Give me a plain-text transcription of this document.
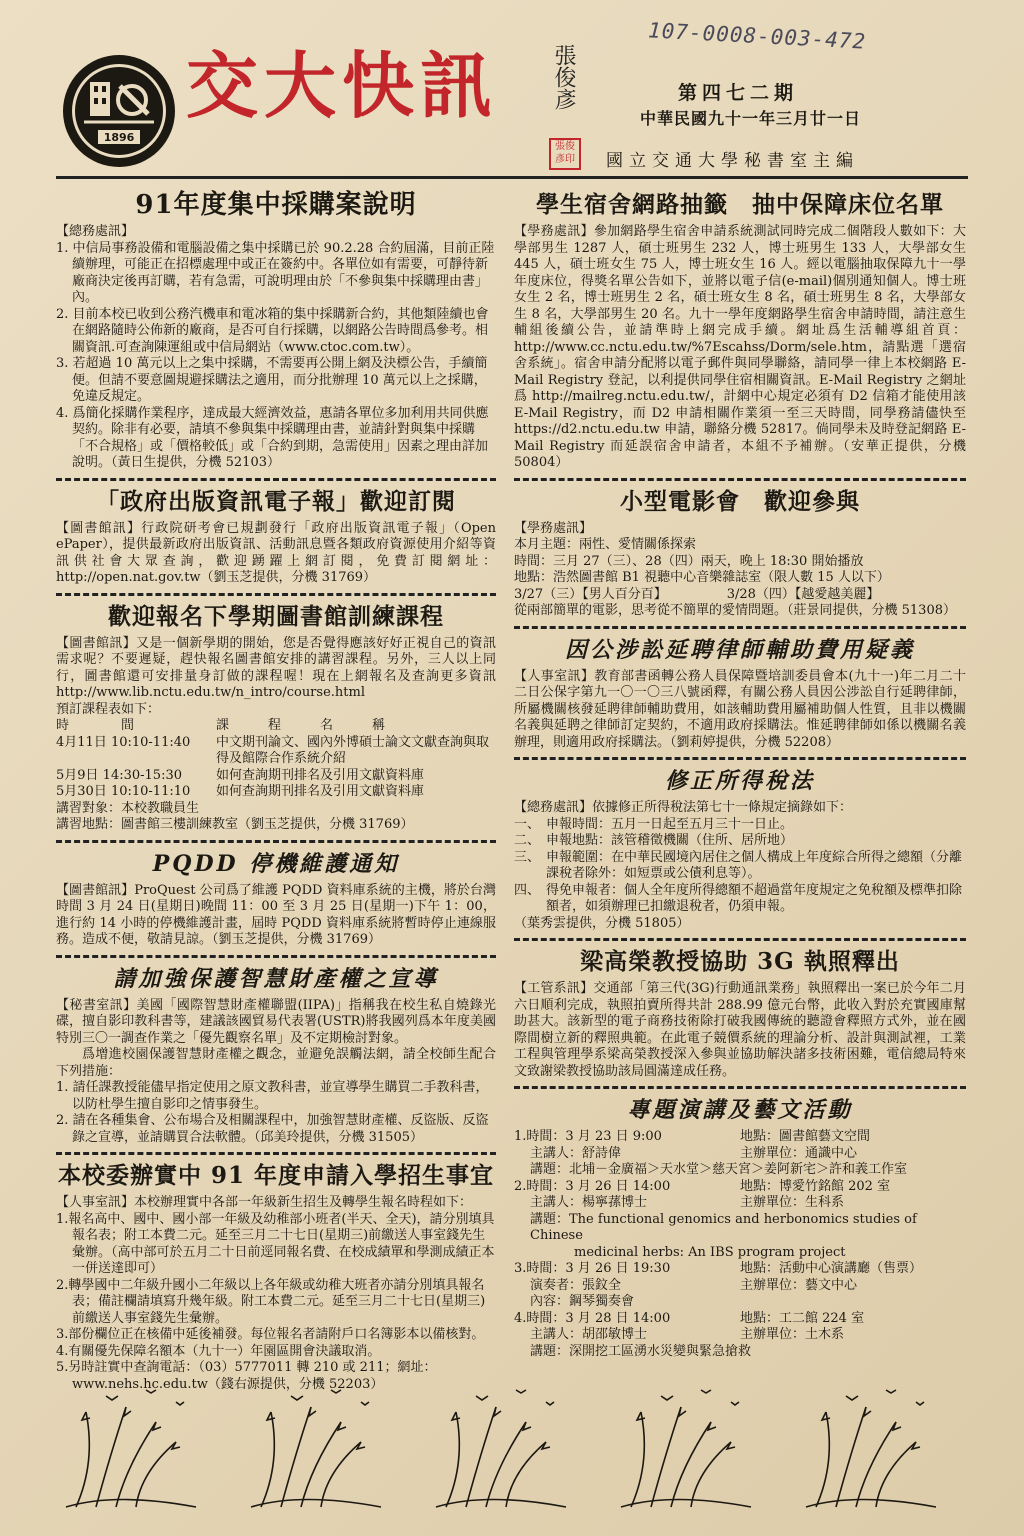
107-0008-003-472
1896
交大快訊	張俊彥
張俊彥印
第四七二期
中華民國九十一年三月廿一日
國立交通大學秘書室主編
91年度集中採購案說明

【總務處訊】

1. 中信局事務設備和電腦設備之集中採購已於 90.2.28 合約屆滿，目前正陸續辦理，可能正在招標處理中或正在簽約中。各單位如有需要，可靜待新廠商決定後再訂購，若有急需，可說明理由於「不參與集中採購理由書」內。
2. 目前本校已收到公務汽機車和電冰箱的集中採購新合約，其他類陸續也會在網路隨時公佈新的廠商，是否可自行採購，以網路公告時間爲參考。相關資訊.可查詢陳運組或中信局網站（www.ctoc.com.tw）。
3. 若超過 10 萬元以上之集中採購，不需要再公開上網及決標公告，手續簡便。但請不要意圖規避採購法之適用，而分批辦理 10 萬元以上之採購，免違反規定。
4. 爲簡化採購作業程序，達成最大經濟效益，惠請各單位多加利用共同供應契約。除非有必要，請填不參與集中採購理由書，並請針對與集中採購「不合規格」或「價格較低」或「合約到期，急需使用」因素之理由詳加說明。（黃日生提供，分機 52103）
「政府出版資訊電子報」歡迎訂閱

【圖書館訊】行政院研考會已規劃發行「政府出版資訊電子報」（Open ePaper），提供最新政府出版資訊、活動訊息暨各類政府資源使用介紹等資訊供社會大眾查詢，歡迎踴躍上網訂閱，免費訂閱網址：http://open.nat.gov.tw（劉玉芝提供，分機 31769）

歡迎報名下學期圖書館訓練課程

【圖書館訊】又是一個新學期的開始，您是否覺得應該好好正視自己的資訊需求呢？不要遲疑，趕快報名圖書館安排的講習課程。另外，三人以上同行，圖書館還可安排量身訂做的課程喔！現在上網報名及查詢更多資訊 http://www.lib.nctu.edu.tw/n_intro/course.html

預訂課程表如下：

時　　　　間	課　　　程　　　名　　　稱
4月11日 10:10-11:40	中文期刊論文、國內外博碩士論文文獻查詢與取得及館際合作系統介紹
5月9日 14:30-15:30	如何查詢期刊排名及引用文獻資料庫
5月30日 10:10-11:10	如何查詢期刊排名及引用文獻資料庫

講習對象：本校教職員生

講習地點：圖書館三樓訓練教室（劉玉芝提供，分機 31769）

PQDD 停機維護通知

【圖書館訊】ProQuest 公司爲了維護 PQDD 資料庫系統的主機，將於台灣時間 3 月 24 日(星期日)晚間 11：00 至 3 月 25 日(星期一)下午 1：00，進行約 14 小時的停機維護計畫，屆時 PQDD 資料庫系統將暫時停止連線服務。造成不便，敬請見諒。（劉玉芝提供，分機 31769）

請加強保護智慧財產權之宣導

【秘書室訊】美國「國際智慧財產權聯盟(IIPA)」指稱我在校生私自燒錄光碟，擅自影印教科書等，建議該國貿易代表署(USTR)將我國列爲本年度美國特別三〇一調查作業之「優先觀察名單」及不定期檢討對象。

爲增進校園保護智慧財產權之觀念，並避免誤觸法網，請全校師生配合下列措施：

1. 請任課教授能儘早指定使用之原文教科書，並宣導學生購買二手教科書，以防杜學生擅自影印之情事發生。
2. 請在各種集會、公布場合及相關課程中，加強智慧財產權、反盜版、反盜錄之宣導，並請購買合法軟體。（邱美玲提供，分機 31505）
本校委辦實中 91 年度申請入學招生事宜

【人事室訊】本校辦理實中各部一年級新生招生及轉學生報名時程如下：

1.報名高中、國中、國小部一年級及幼稚部小班者(半天、全天)，請分別填具報名表；附工本費二元。延至三月二十七日(星期三)前繳送人事室錢先生彙辦。（高中部可於五月二十日前逕同報名費、在校成績單和學測成績正本一併送達即可）
2.轉學國中二年級升國小二年級以上各年級或幼稚大班者亦請分別填具報名表；備註欄請填寫升幾年級。附工本費二元。延至三月二十七日(星期三)前繳送人事室錢先生彙辦。
3.部份欄位正在核備中延後補發。每位報名者請附戶口名簿影本以備核對。
4.有關優先保障名額本（九十一）年園區開會決議取消。
5.另時註實中查詢電話：（03）5777011 轉 210 或 211；網址：www.nehs.hc.edu.tw（錢右源提供，分機 52203）
學生宿舍網路抽籤　抽中保障床位名單

【學務處訊】參加網路學生宿舍申請系統測試同時完成二個階段人數如下：大學部男生 1287 人，碩士班男生 232 人，博士班男生 133 人，大學部女生 445 人，碩士班女生 75 人，博士班女生 16 人。經以電腦抽取保障九十一學年度床位，得獎名單公告如下，並將以電子信(e-mail)個別通知個人。博士班女生 2 名，博士班男生 2 名，碩士班女生 8 名，碩士班男生 8 名，大學部女生 8 名，大學部男生 20 名。九十一學年度網路學生宿舍申請時間，請注意生輔組後續公告，並請準時上網完成手續。網址爲生活輔導組首頁：http://www.cc.nctu.edu.tw/%7Escahss/Dorm/sele.htm，請點選「選宿舍系統」。宿舍申請分配將以電子郵件與同學聯絡，請同學一律上本校網路 E-Mail Registry 登記，以利提供同學住宿相關資訊。E-Mail Registry 之網址爲 http://mailreg.nctu.edu.tw/，計網中心規定必須有 D2 信箱才能使用該 E-Mail Registry，而 D2 申請相關作業須一至三天時間，同學務請儘快至 https://d2.nctu.edu.tw 申請，聯絡分機 52817。倘同學未及時登記網路 E-Mail Registry 而延誤宿舍申請者，本組不予補辦。（安華正提供，分機 50804）

小型電影會　歡迎參與

【學務處訊】

本月主題：兩性、愛情關係探索

時間：三月 27（三）、28（四）兩天，晚上 18:30 開始播放

地點：浩然圖書館 B1 視聽中心音樂雜誌室（限人數 15 人以下）

3/27（三）【男人百分百】	3/28（四）【越愛越美麗】

從兩部簡單的電影，思考從不簡單的愛情問題。（莊景同提供，分機 51308）

因公涉訟延聘律師輔助費用疑義

【人事室訊】教育部書函轉公務人員保障暨培訓委員會本(九十一)年二月二十二日公保字第九一〇一〇三八號函釋，有關公務人員因公涉訟自行延聘律師，所屬機關核發延聘律師輔助費用，如該輔助費用屬補助個人性質，且非以機關名義與延聘之律師訂定契約，不適用政府採購法。惟延聘律師如係以機關名義辦理，則適用政府採購法。（劉莉婷提供，分機 52208）

修正所得稅法

【總務處訊】依據修正所得稅法第七十一條規定摘錄如下：

一、	申報時間：五月一日起至五月三十一日止。
二、	申報地點：該管稽徵機關（住所、居所地）
三、	申報範圍：在中華民國境內居住之個人構成上年度綜合所得之總額（分離課稅者除外：如短票或公債利息等）。
四、	得免申報者：個人全年度所得總額不超過當年度規定之免稅額及標準扣除額者，如須辦理已扣繳退稅者，仍須申報。

（葉秀雲提供，分機 51805）

梁高榮教授協助 3G 執照釋出

【工管系訊】交通部「第三代(3G)行動通訊業務」執照釋出一案已於今年二月六日順利完成，執照拍賣所得共計 288.99 億元台幣，此收入對於充實國庫幫助甚大。該新型的電子商務技術除打破我國傳統的聽證會釋照方式外，並在國際間樹立新的釋照典範。在此電子競價系統的理論分析、設計與測試裡，工業工程與管理學系梁高榮教授深入參與並協助解決諸多技術困難，電信總局特來文致謝梁教授協助該局圓滿達成任務。

專題演講及藝文活動
1.時間：3 月 23 日 9:00	地點：圖書館藝文空間
主講人：舒詩偉	主辦單位：通識中心
講題：北埔－金廣福＞天水堂＞慈天宮＞姜阿新宅＞許和義工作室	
2.時間：3 月 26 日 14:00	地點：博愛竹銘館 202 室
主講人：楊寧蓀博士	主辦單位：生科系
講題：The functional genomics and herbonomics studies of Chinese	
medicinal herbs: An IBS program project	
3.時間：3 月 26 日 19:30	地點：活動中心演講廳（售票）
演奏者：張鈫全	主辦單位：藝文中心
內容：鋼琴獨奏會	
4.時間：3 月 28 日 14:00	地點：工二館 224 室
主講人：胡邵敏博士	主辦單位：土木系
講題：深開挖工區湧水災變與緊急搶救	
